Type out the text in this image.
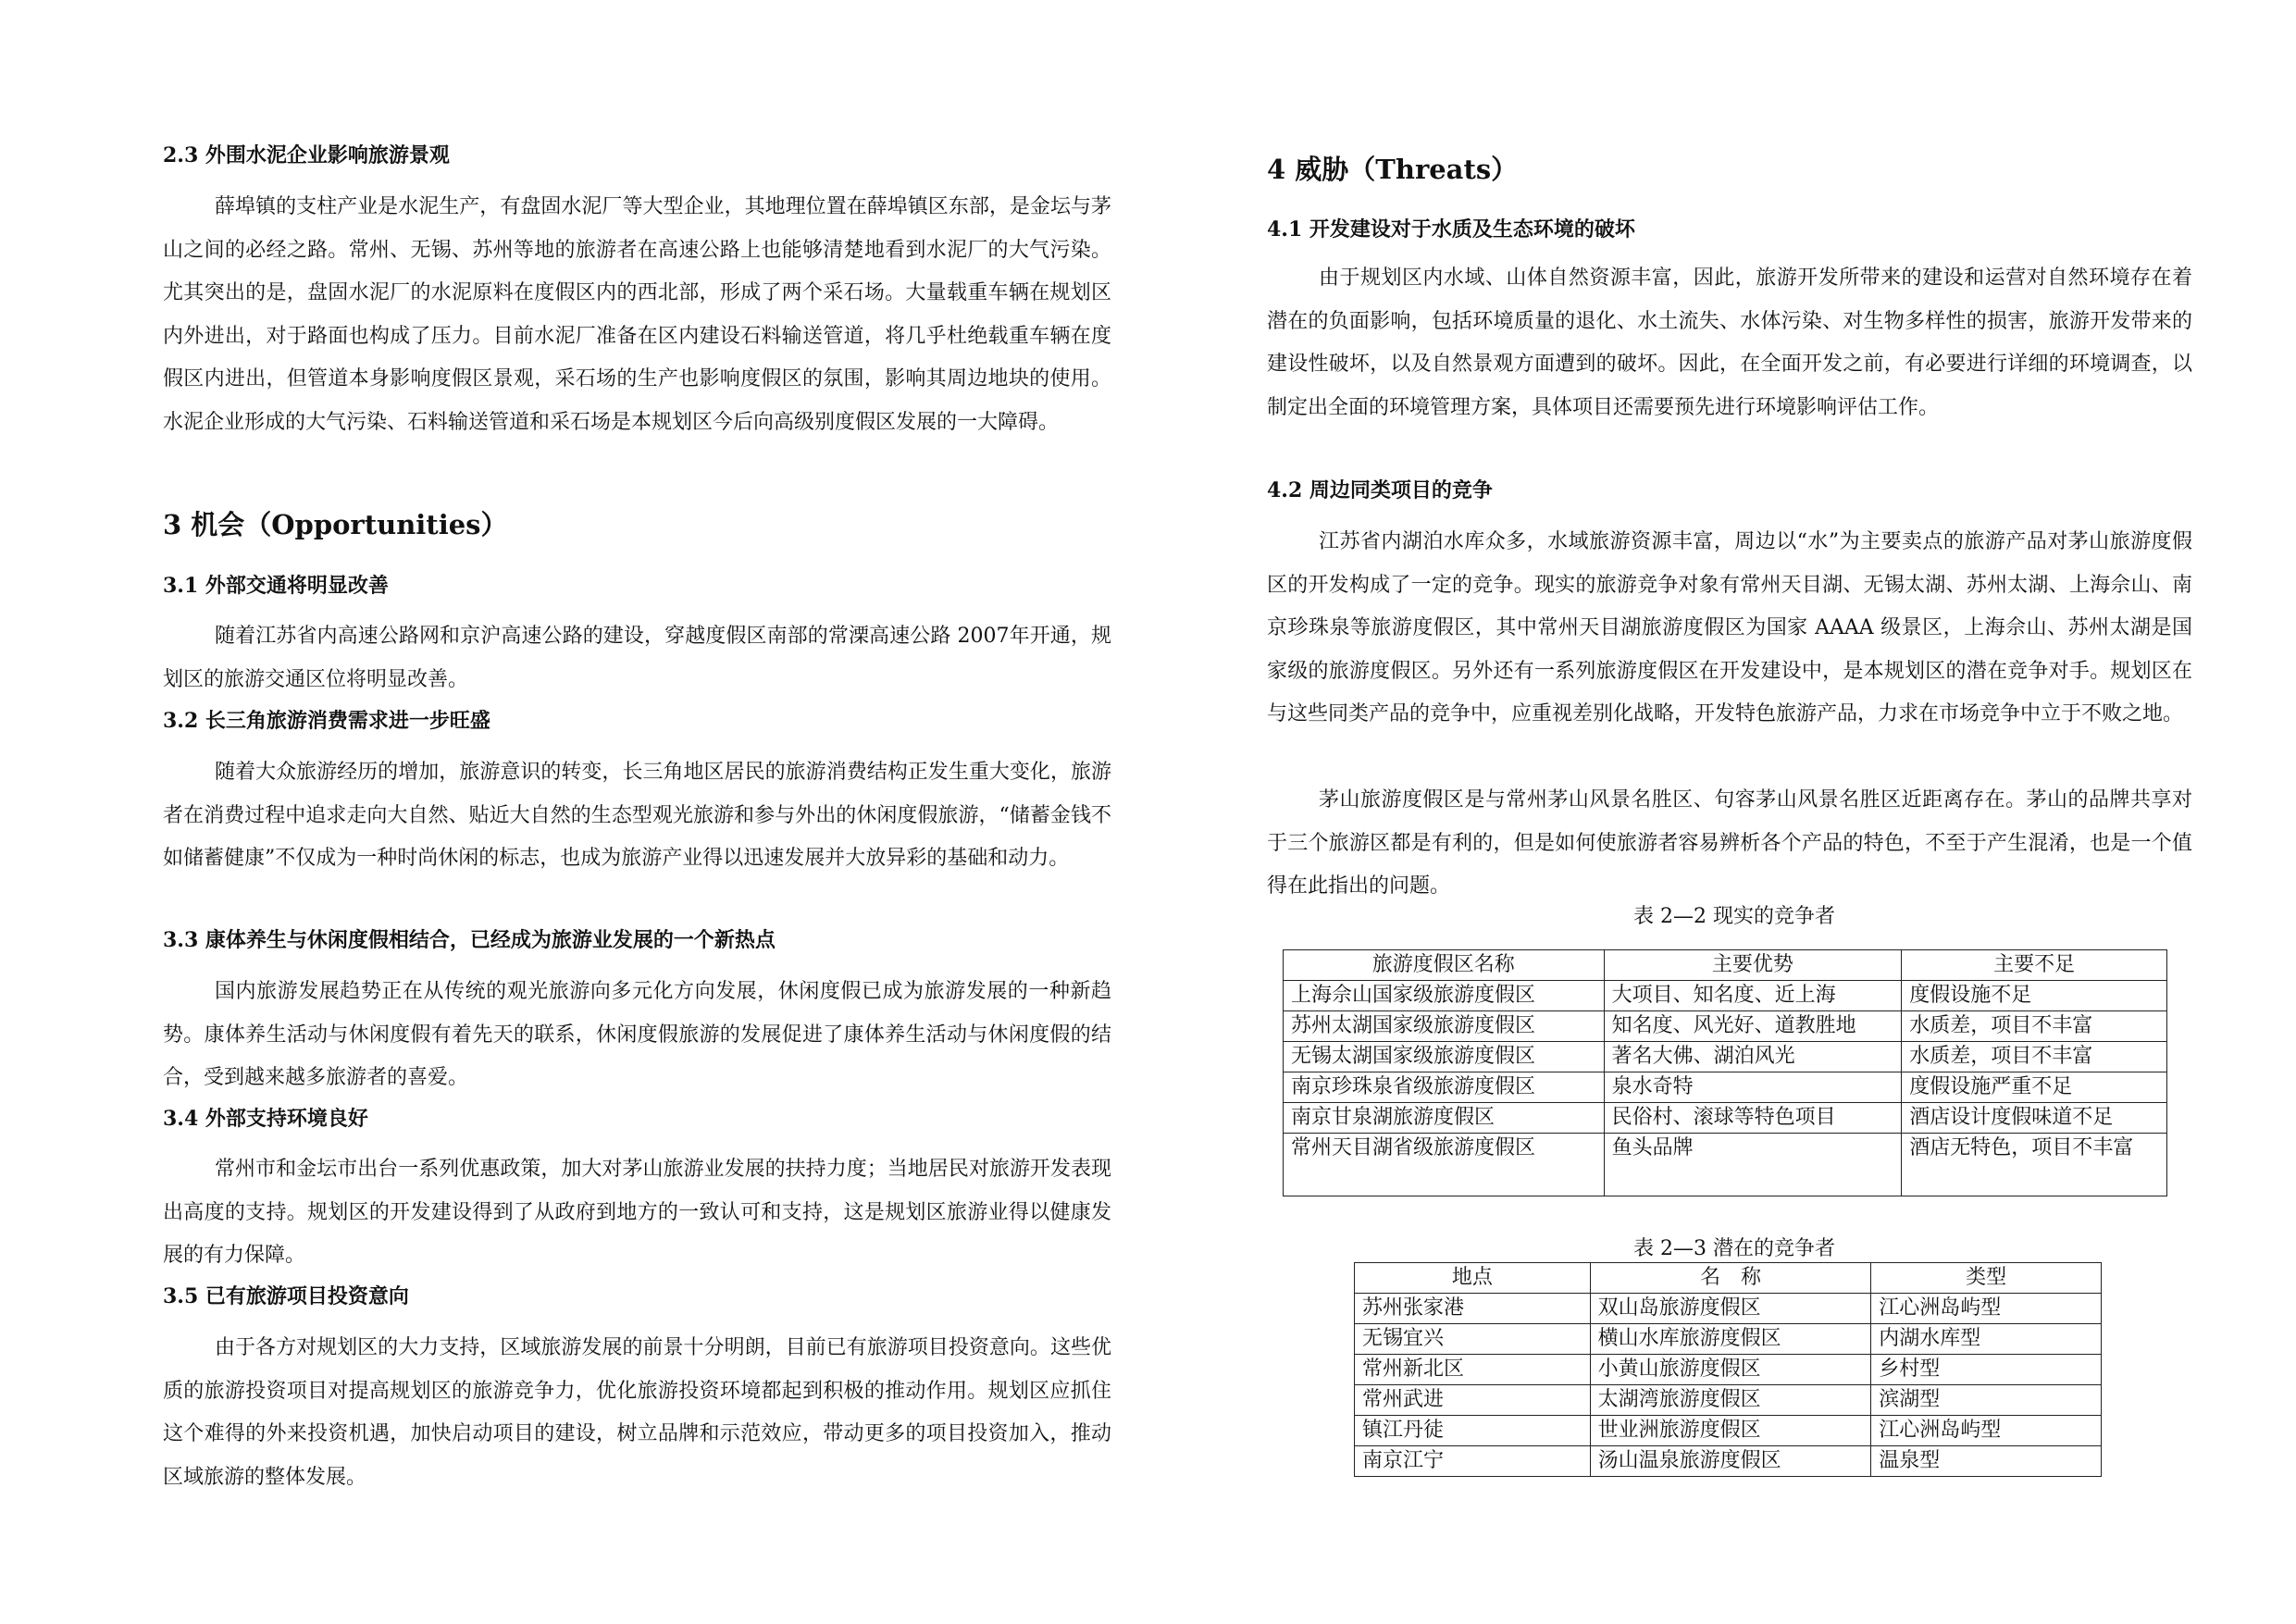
2.3 外围水泥企业影响旅游景观
薛埠镇的支柱产业是水泥生产，有盘固水泥厂等大型企业，其地理位置在薛埠镇区东部，是金坛与茅山之间的必经之路。常州、无锡、苏州等地的旅游者在高速公路上也能够清楚地看到水泥厂的大气污染。尤其突出的是，盘固水泥厂的水泥原料在度假区内的西北部，形成了两个采石场。大量载重车辆在规划区内外进出，对于路面也构成了压力。目前水泥厂准备在区内建设石料输送管道，将几乎杜绝载重车辆在度假区内进出，但管道本身影响度假区景观，采石场的生产也影响度假区的氛围，影响其周边地块的使用。水泥企业形成的大气污染、石料输送管道和采石场是本规划区今后向高级别度假区发展的一大障碍。
3 机会（Opportunities）
3.1 外部交通将明显改善
随着江苏省内高速公路网和京沪高速公路的建设，穿越度假区南部的常溧高速公路 2007年开通，规划区的旅游交通区位将明显改善。
3.2 长三角旅游消费需求进一步旺盛
随着大众旅游经历的增加，旅游意识的转变，长三角地区居民的旅游消费结构正发生重大变化，旅游者在消费过程中追求走向大自然、贴近大自然的生态型观光旅游和参与外出的休闲度假旅游，“储蓄金钱不如储蓄健康”不仅成为一种时尚休闲的标志，也成为旅游产业得以迅速发展并大放异彩的基础和动力。
3.3 康体养生与休闲度假相结合，已经成为旅游业发展的一个新热点
国内旅游发展趋势正在从传统的观光旅游向多元化方向发展，休闲度假已成为旅游发展的一种新趋势。康体养生活动与休闲度假有着先天的联系，休闲度假旅游的发展促进了康体养生活动与休闲度假的结合，受到越来越多旅游者的喜爱。
3.4 外部支持环境良好
常州市和金坛市出台一系列优惠政策，加大对茅山旅游业发展的扶持力度；当地居民对旅游开发表现出高度的支持。规划区的开发建设得到了从政府到地方的一致认可和支持，这是规划区旅游业得以健康发展的有力保障。
3.5 已有旅游项目投资意向
由于各方对规划区的大力支持，区域旅游发展的前景十分明朗，目前已有旅游项目投资意向。这些优质的旅游投资项目对提高规划区的旅游竞争力，优化旅游投资环境都起到积极的推动作用。规划区应抓住这个难得的外来投资机遇，加快启动项目的建设，树立品牌和示范效应，带动更多的项目投资加入，推动区域旅游的整体发展。
4 威胁（Threats）
4.1 开发建设对于水质及生态环境的破坏
由于规划区内水域、山体自然资源丰富，因此，旅游开发所带来的建设和运营对自然环境存在着潜在的负面影响，包括环境质量的退化、水土流失、水体污染、对生物多样性的损害，旅游开发带来的建设性破坏，以及自然景观方面遭到的破坏。因此，在全面开发之前，有必要进行详细的环境调查，以制定出全面的环境管理方案，具体项目还需要预先进行环境影响评估工作。
4.2 周边同类项目的竞争
江苏省内湖泊水库众多，水域旅游资源丰富，周边以“水”为主要卖点的旅游产品对茅山旅游度假区的开发构成了一定的竞争。现实的旅游竞争对象有常州天目湖、无锡太湖、苏州太湖、上海佘山、南京珍珠泉等旅游度假区，其中常州天目湖旅游度假区为国家 AAAA 级景区，上海佘山、苏州太湖是国家级的旅游度假区。另外还有一系列旅游度假区在开发建设中，是本规划区的潜在竞争对手。规划区在与这些同类产品的竞争中，应重视差别化战略，开发特色旅游产品，力求在市场竞争中立于不败之地。
茅山旅游度假区是与常州茅山风景名胜区、句容茅山风景名胜区近距离存在。茅山的品牌共享对于三个旅游区都是有利的，但是如何使旅游者容易辨析各个产品的特色，不至于产生混淆，也是一个值得在此指出的问题。
表 2—2 现实的竞争者
旅游度假区名称	主要优势	主要不足
上海佘山国家级旅游度假区	大项目、知名度、近上海	度假设施不足
苏州太湖国家级旅游度假区	知名度、风光好、道教胜地	水质差，项目不丰富
无锡太湖国家级旅游度假区	著名大佛、湖泊风光	水质差，项目不丰富
南京珍珠泉省级旅游度假区	泉水奇特	度假设施严重不足
南京甘泉湖旅游度假区	民俗村、滚球等特色项目	酒店设计度假味道不足
常州天目湖省级旅游度假区	鱼头品牌	酒店无特色，项目不丰富
表 2—3 潜在的竞争者
地点	名　称	类型
苏州张家港	双山岛旅游度假区	江心洲岛屿型
无锡宜兴	横山水库旅游度假区	内湖水库型
常州新北区	小黄山旅游度假区	乡村型
常州武进	太湖湾旅游度假区	滨湖型
镇江丹徒	世业洲旅游度假区	江心洲岛屿型
南京江宁	汤山温泉旅游度假区	温泉型
